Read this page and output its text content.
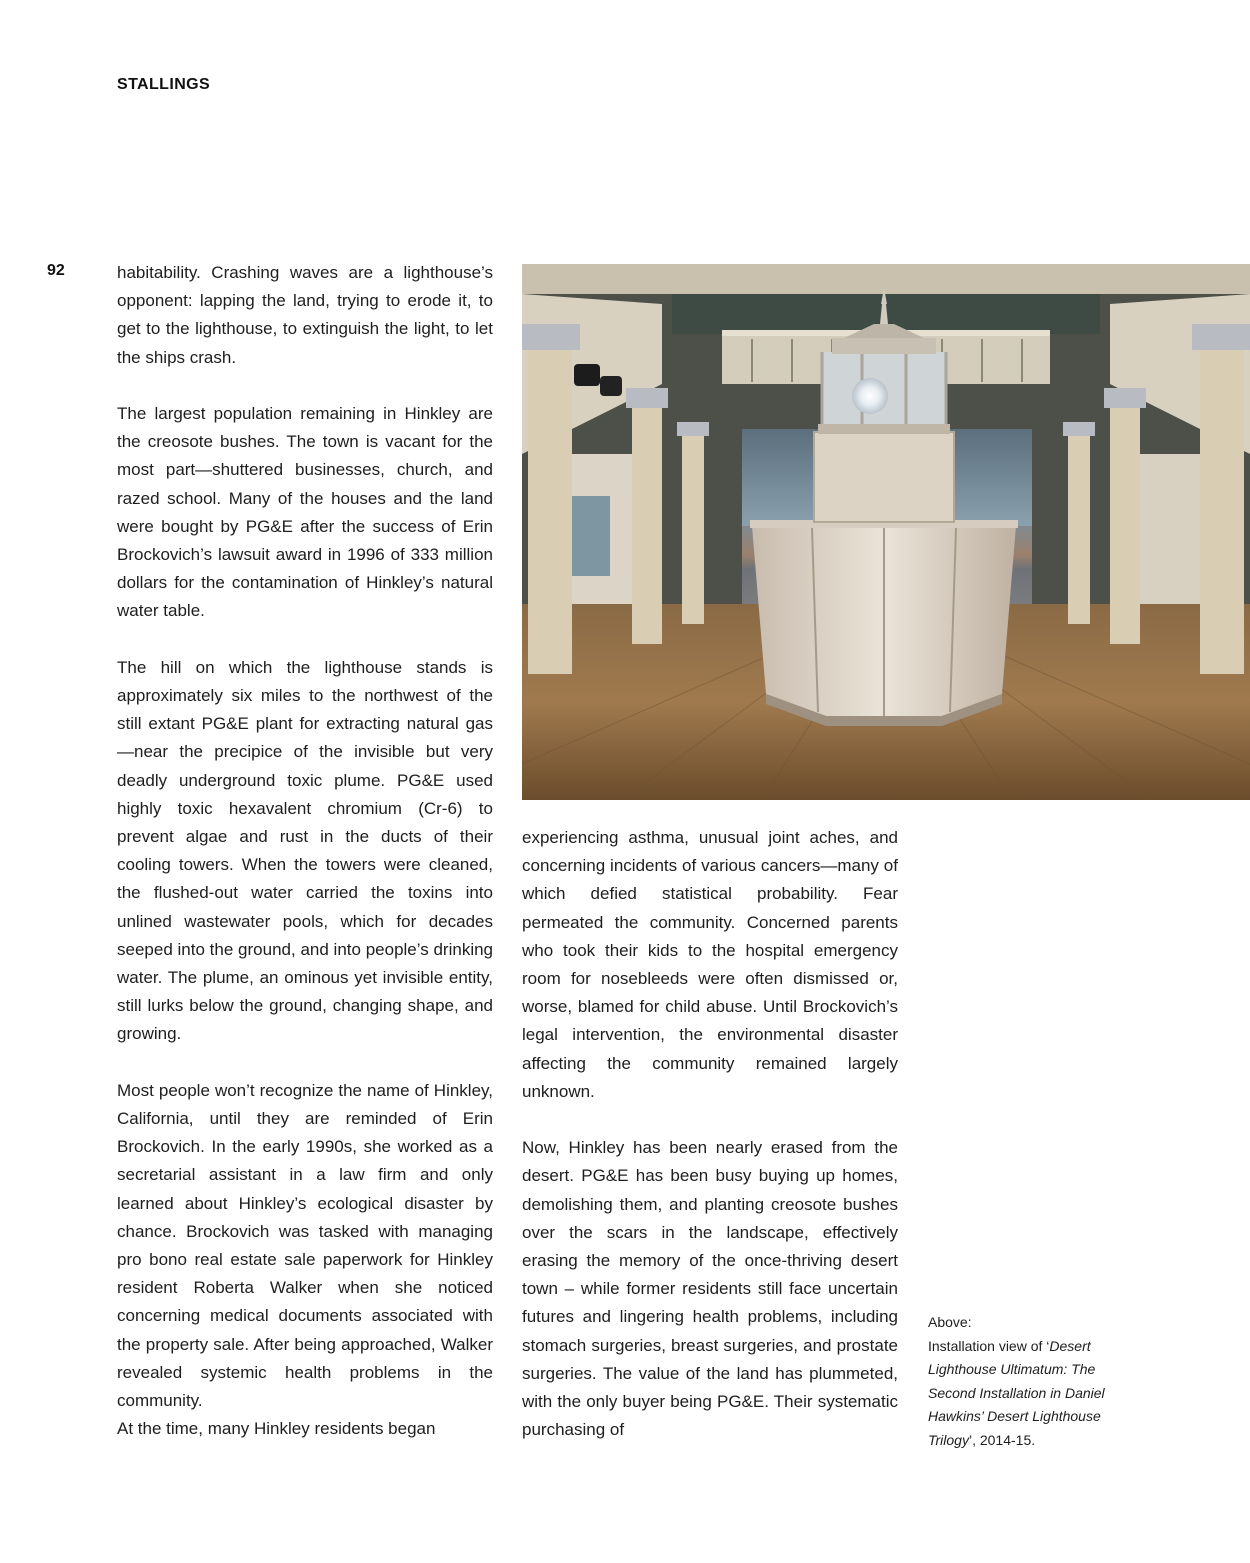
STALLINGS
92	habitability. Crashing waves are a lighthouse’s opponent: lapping the land, trying to erode it, to get to the lighthouse, to extinguish the light, to let the ships crash.

The largest population remaining in Hinkley are the creosote bushes. The town is vacant for the most part—shuttered businesses, church, and razed school. Many of the houses and the land were bought by PG&E after the success of Erin Brockovich’s lawsuit award in 1996 of 333 million dollars for the contamination of Hinkley’s natural water table.

The hill on which the lighthouse stands is approximately six miles to the northwest of the still extant PG&E plant for extracting natural gas—near the precipice of the invisible but very deadly underground toxic plume. PG&E used highly toxic hexavalent chromium (Cr-6) to prevent algae and rust in the ducts of their cooling towers. When the towers were cleaned, the flushed-out water carried the toxins into unlined wastewater pools, which for decades seeped into the ground, and into people’s drinking water. The plume, an ominous yet invisible entity, still lurks below the ground, changing shape, and growing.

Most people won’t recognize the name of Hinkley, California, until they are reminded of Erin Brockovich. In the early 1990s, she worked as a secretarial assistant in a law firm and only learned about Hinkley’s ecological disaster by chance. Brockovich was tasked with managing pro bono real estate sale paperwork for Hinkley resident Roberta Walker when she noticed concerning medical documents associated with the property sale. After being approached, Walker revealed systemic health problems in the community.

At the time, many Hinkley residents began

experiencing asthma, unusual joint aches, and concerning incidents of various cancers—many of which defied statistical probability. Fear permeated the community. Concerned parents who took their kids to the hospital emergency room for nosebleeds were often dismissed or, worse, blamed for child abuse. Until Brockovich’s legal intervention, the environmental disaster affecting the community remained largely unknown.

Now, Hinkley has been nearly erased from the desert. PG&E has been busy buying up homes, demolishing them, and planting creosote bushes over the scars in the landscape, effectively erasing the memory of the once-thriving desert town – while former residents still face uncertain futures and lingering health problems, including stomach surgeries, breast surgeries, and prostate surgeries. The value of the land has plummeted, with the only buyer being PG&E. Their systematic purchasing of

Above:

Installation view of ‘Desert Lighthouse Ultimatum: The Second Installation in Daniel Hawkins’ Desert Lighthouse Trilogy’, 2014-15.
